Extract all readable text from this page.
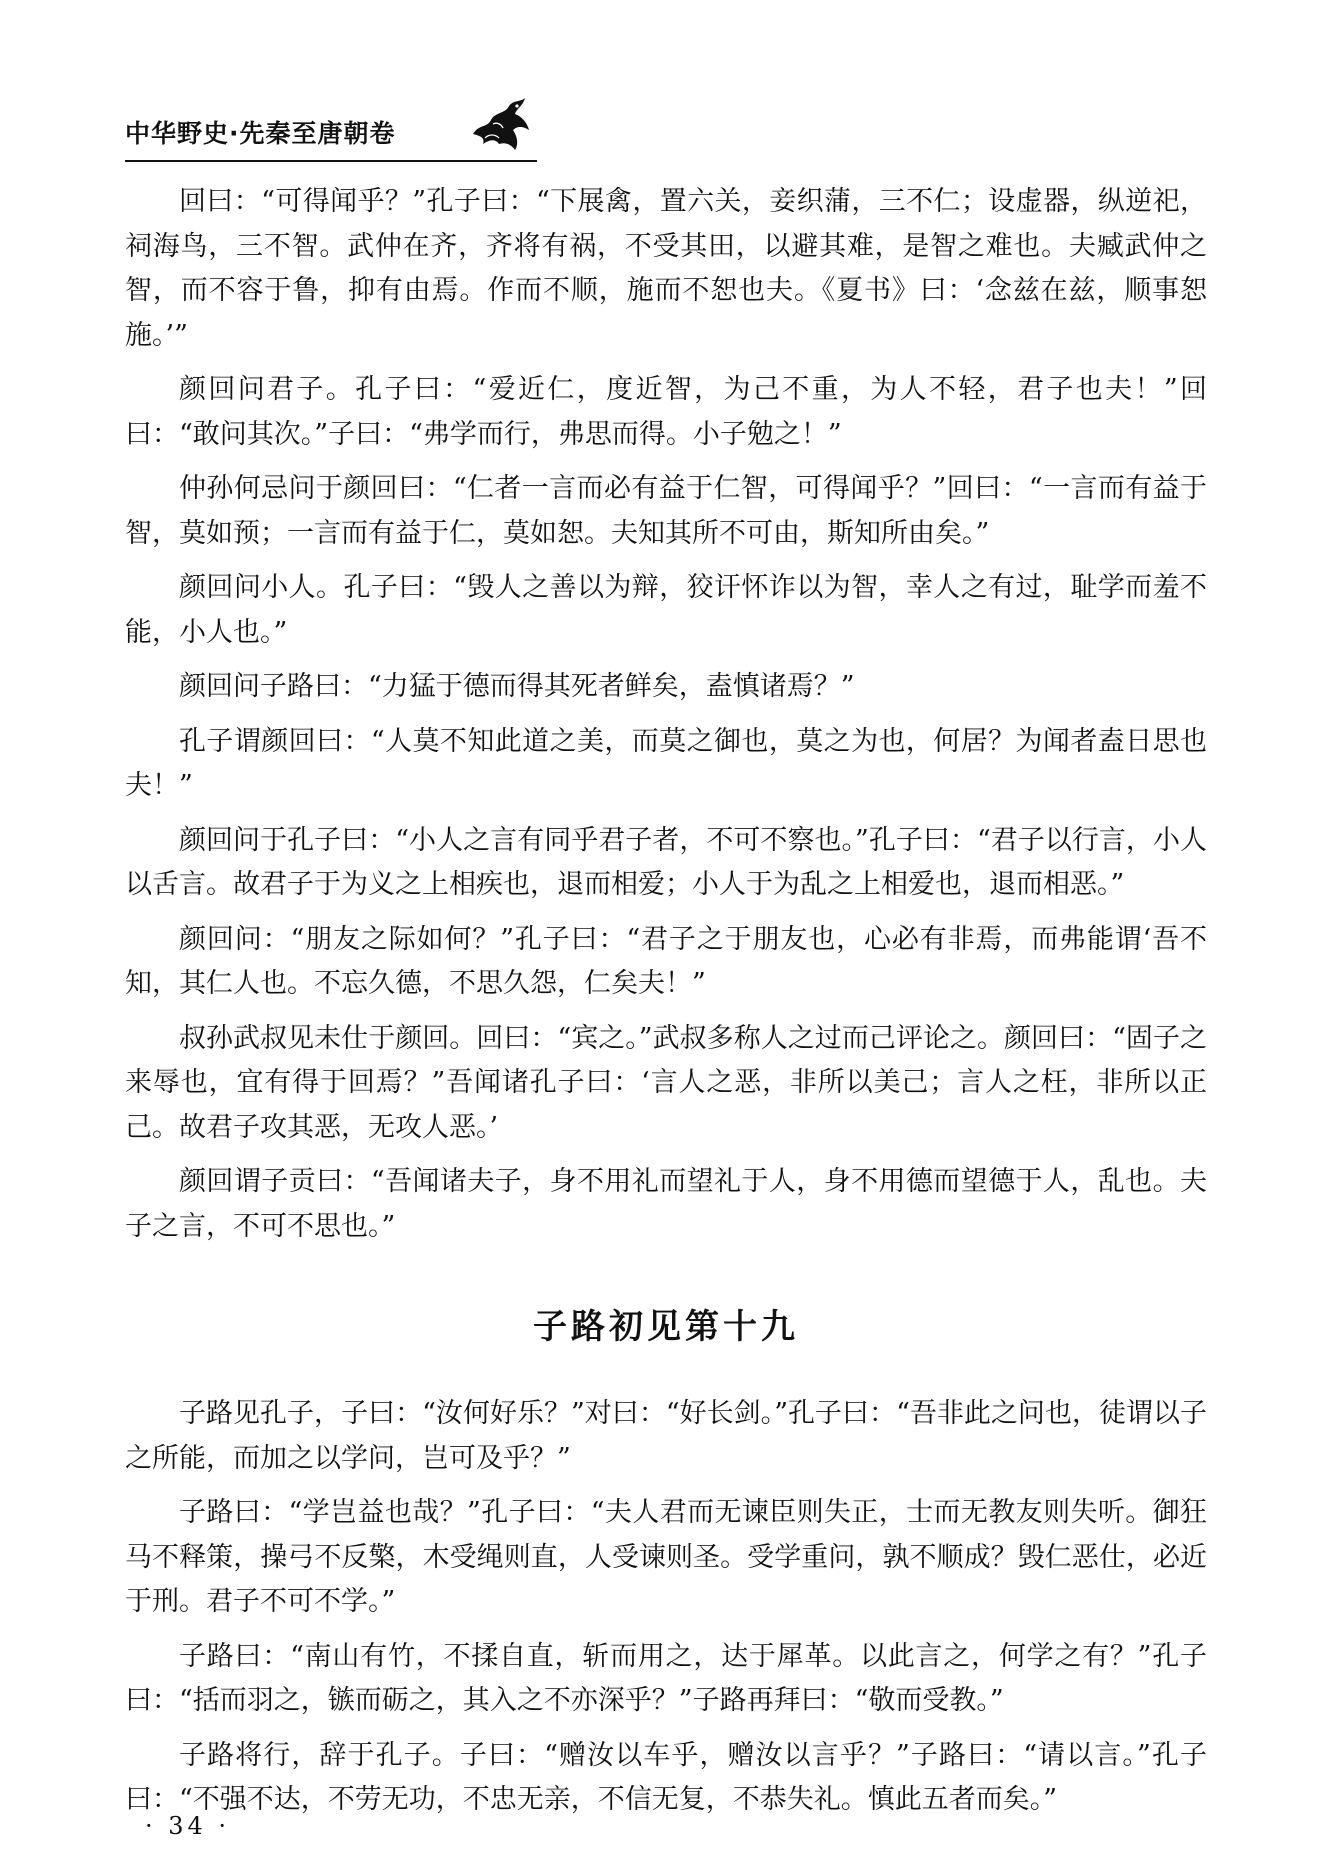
中华野史·先秦至唐朝卷

回曰：“可得闻乎？”孔子曰：“下展禽，置六关，妾织蒲，三不仁；设虚器，纵逆祀，祠海鸟，三不智。武仲在齐，齐将有祸，不受其田，以避其难，是智之难也。夫臧武仲之智，而不容于鲁，抑有由焉。作而不顺，施而不恕也夫。《夏书》曰：‘念兹在兹，顺事恕施。’”

颜回问君子。孔子曰：“爱近仁，度近智，为己不重，为人不轻，君子也夫！”回曰：“敢问其次。”子曰：“弗学而行，弗思而得。小子勉之！”

仲孙何忌问于颜回曰：“仁者一言而必有益于仁智，可得闻乎？”回曰：“一言而有益于智，莫如预；一言而有益于仁，莫如恕。夫知其所不可由，斯知所由矣。”

颜回问小人。孔子曰：“毁人之善以为辩，狡讦怀诈以为智，幸人之有过，耻学而羞不能，小人也。”

颜回问子路曰：“力猛于德而得其死者鲜矣，盍慎诸焉？”

孔子谓颜回曰：“人莫不知此道之美，而莫之御也，莫之为也，何居？为闻者盍日思也夫！”

颜回问于孔子曰：“小人之言有同乎君子者，不可不察也。”孔子曰：“君子以行言，小人以舌言。故君子于为义之上相疾也，退而相爱；小人于为乱之上相爱也，退而相恶。”

颜回问：“朋友之际如何？”孔子曰：“君子之于朋友也，心必有非焉，而弗能谓‘吾不知，其仁人也。不忘久德，不思久怨，仁矣夫！”

叔孙武叔见未仕于颜回。回曰：“宾之。”武叔多称人之过而己评论之。颜回曰：“固子之来辱也，宜有得于回焉？”吾闻诸孔子曰：‘言人之恶，非所以美己；言人之枉，非所以正己。故君子攻其恶，无攻人恶。’

颜回谓子贡曰：“吾闻诸夫子，身不用礼而望礼于人，身不用德而望德于人，乱也。夫子之言，不可不思也。”

子路初见第十九

子路见孔子，子曰：“汝何好乐？”对曰：“好长剑。”孔子曰：“吾非此之问也，徒谓以子之所能，而加之以学问，岂可及乎？”

子路曰：“学岂益也哉？”孔子曰：“夫人君而无谏臣则失正，士而无教友则失听。御狂马不释策，操弓不反檠，木受绳则直，人受谏则圣。受学重问，孰不顺成？毁仁恶仕，必近于刑。君子不可不学。”

子路曰：“南山有竹，不揉自直，斩而用之，达于犀革。以此言之，何学之有？”孔子曰：“括而羽之，镞而砺之，其入之不亦深乎？”子路再拜曰：“敬而受教。”

子路将行，辞于孔子。子曰：“赠汝以车乎，赠汝以言乎？”子路曰：“请以言。”孔子曰：“不强不达，不劳无功，不忠无亲，不信无复，不恭失礼。慎此五者而矣。”

· 34 ·
